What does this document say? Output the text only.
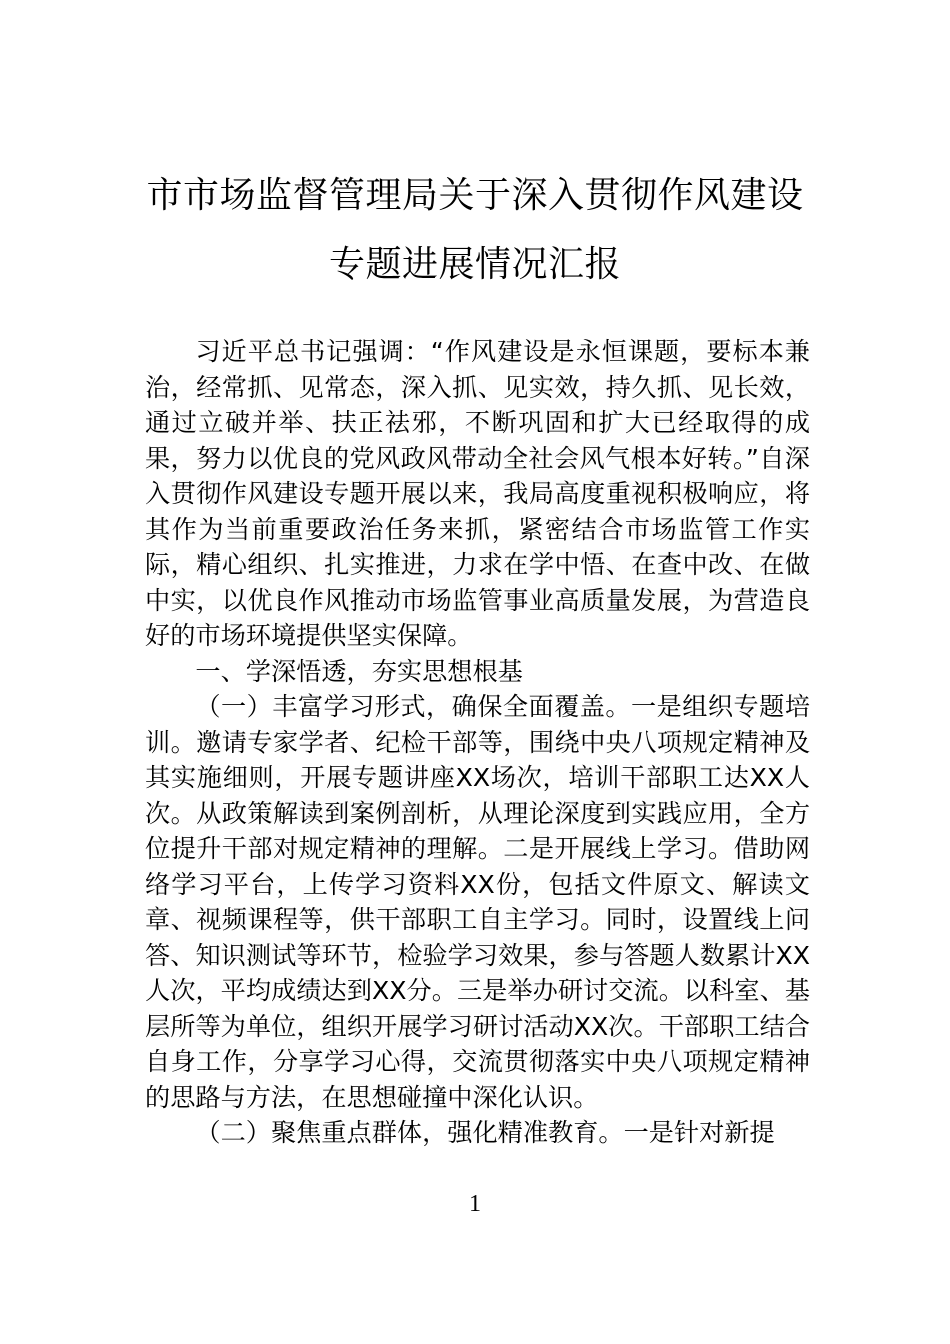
市市场监督管理局关于深入贯彻作风建设
专题进展情况汇报

习近平总书记强调：“作风建设是永恒课题，要标本兼治，经常抓、见常态，深入抓、见实效，持久抓、见长效，通过立破并举、扶正祛邪，不断巩固和扩大已经取得的成果，努力以优良的党风政风带动全社会风气根本好转。”自深入贯彻作风建设专题开展以来，我局高度重视积极响应，将其作为当前重要政治任务来抓，紧密结合市场监管工作实际，精心组织、扎实推进，力求在学中悟、在查中改、在做中实，以优良作风推动市场监管事业高质量发展，为营造良好的市场环境提供坚实保障。

一、学深悟透，夯实思想根基

（一）丰富学习形式，确保全面覆盖。一是组织专题培训。邀请专家学者、纪检干部等，围绕中央八项规定精神及其实施细则，开展专题讲座XX场次，培训干部职工达XX人次。从政策解读到案例剖析，从理论深度到实践应用，全方位提升干部对规定精神的理解。二是开展线上学习。借助网络学习平台，上传学习资料XX份，包括文件原文、解读文章、视频课程等，供干部职工自主学习。同时，设置线上问答、知识测试等环节，检验学习效果，参与答题人数累计XX人次，平均成绩达到XX分。三是举办研讨交流。以科室、基层所等为单位，组织开展学习研讨活动XX次。干部职工结合自身工作，分享学习心得，交流贯彻落实中央八项规定精神的思路与方法，在思想碰撞中深化认识。

（二）聚焦重点群体，强化精准教育。一是针对新提

1
